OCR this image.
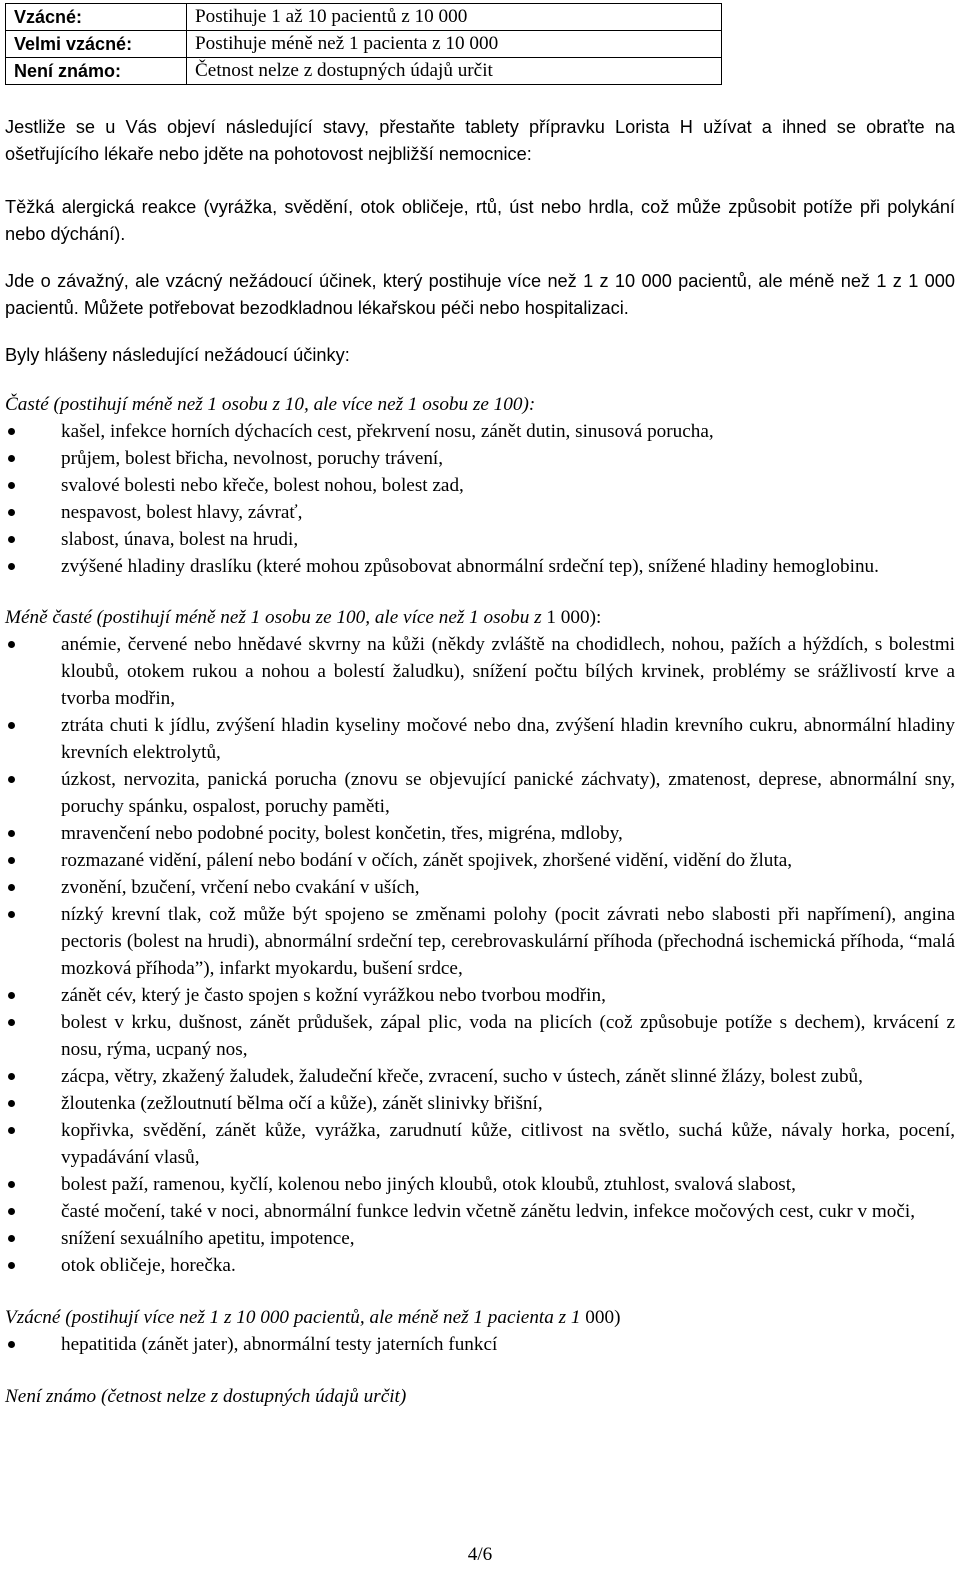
Vzácné:	Postihuje 1 až 10 pacientů z 10 000
Velmi vzácné:	Postihuje méně než 1 pacienta z 10 000
Není známo:	Četnost nelze z dostupných údajů určit

Jestliže se u Vás objeví následující stavy, přestaňte tablety přípravku Lorista H užívat a ihned se obraťte na ošetřujícího lékaře nebo jděte na pohotovost nejbližší nemocnice:

Těžká alergická reakce (vyrážka, svědění, otok obličeje, rtů, úst nebo hrdla, což může způsobit potíže při polykání nebo dýchání).

Jde o závažný, ale vzácný nežádoucí účinek, který postihuje více než 1 z 10 000 pacientů, ale méně než 1 z 1 000 pacientů. Můžete potřebovat bezodkladnou lékařskou péči nebo hospitalizaci.

Byly hlášeny následující nežádoucí účinky:

Časté (postihují méně než 1 osobu z 10, ale více než 1 osobu ze 100):

kašel, infekce horních dýchacích cest, překrvení nosu, zánět dutin, sinusová porucha,
průjem, bolest břicha, nevolnost, poruchy trávení,
svalové bolesti nebo křeče, bolest nohou, bolest zad,
nespavost, bolest hlavy, závrať,
slabost, únava, bolest na hrudi,
zvýšené hladiny draslíku (které mohou způsobovat abnormální srdeční tep), snížené hladiny hemoglobinu.

Méně časté (postihují méně než 1 osobu ze 100, ale více než 1 osobu z 1 000):

anémie, červené nebo hnědavé skvrny na kůži (někdy zvláště na chodidlech, nohou, pažích a hýždích, s bolestmi kloubů, otokem rukou a nohou a bolestí žaludku), snížení počtu bílých krvinek, problémy se srážlivostí krve a tvorba modřin,
ztráta chuti k jídlu, zvýšení hladin kyseliny močové nebo dna, zvýšení hladin krevního cukru, abnormální hladiny krevních elektrolytů,
úzkost, nervozita, panická porucha (znovu se objevující panické záchvaty), zmatenost, deprese, abnormální sny, poruchy spánku, ospalost, poruchy paměti,
mravenčení nebo podobné pocity, bolest končetin, třes, migréna, mdloby,
rozmazané vidění, pálení nebo bodání v očích, zánět spojivek, zhoršené vidění, vidění do žluta,
zvonění, bzučení, vrčení nebo cvakání v uších,
nízký krevní tlak, což může být spojeno se změnami polohy (pocit závrati nebo slabosti při napřímení), angina pectoris (bolest na hrudi), abnormální srdeční tep, cerebrovaskulární příhoda (přechodná ischemická příhoda, “malá mozková příhoda”), infarkt myokardu, bušení srdce,
zánět cév, který je často spojen s kožní vyrážkou nebo tvorbou modřin,
bolest v krku, dušnost, zánět průdušek, zápal plic, voda na plicích (což způsobuje potíže s dechem), krvácení z nosu, rýma, ucpaný nos,
zácpa, větry, zkažený žaludek, žaludeční křeče, zvracení, sucho v ústech, zánět slinné žlázy, bolest zubů,
žloutenka (zežloutnutí bělma očí a kůže), zánět slinivky břišní,
kopřivka, svědění, zánět kůže, vyrážka, zarudnutí kůže, citlivost na světlo, suchá kůže, návaly horka, pocení, vypadávání vlasů,
bolest paží, ramenou, kyčlí, kolenou nebo jiných kloubů, otok kloubů, ztuhlost, svalová slabost,
časté močení, také v noci, abnormální funkce ledvin včetně zánětu ledvin, infekce močových cest, cukr v moči,
snížení sexuálního apetitu, impotence,
otok obličeje, horečka.

Vzácné (postihují více než 1 z 10 000 pacientů, ale méně než 1 pacienta z 1 000)

hepatitida (zánět jater), abnormální testy jaterních funkcí

Není známo (četnost nelze z dostupných údajů určit)

4/6
